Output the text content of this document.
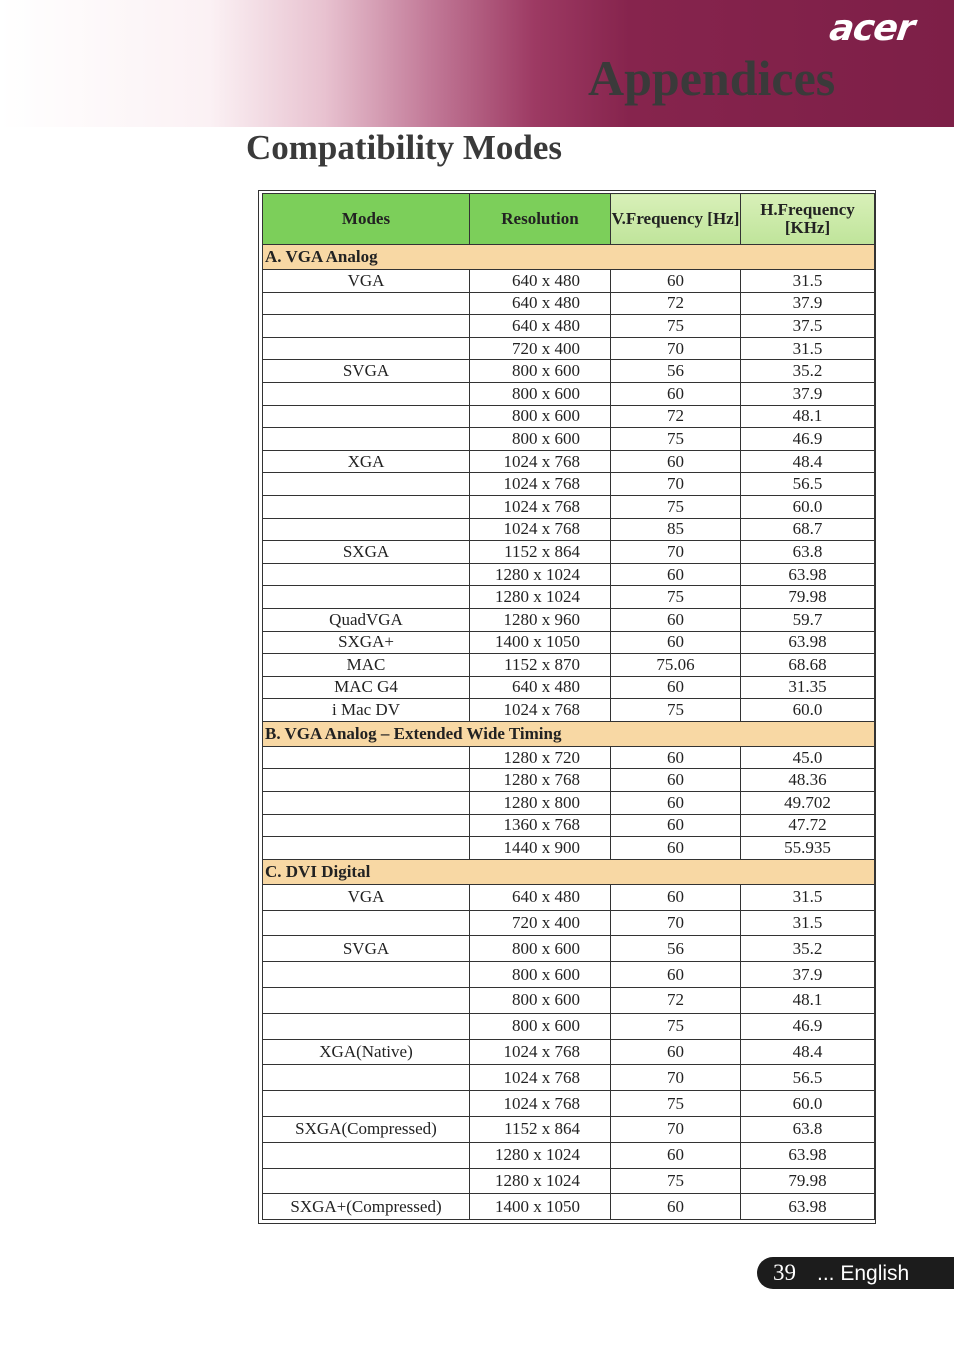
acer
Appendices
Compatibility Modes
Modes	Resolution	V.Frequency [Hz]	H.Frequency [KHz]
A. VGA Analog			
VGA	640 x 480	60	31.5
	640 x 480	72	37.9
	640 x 480	75	37.5
	720 x 400	70	31.5
SVGA	800 x 600	56	35.2
	800 x 600	60	37.9
	800 x 600	72	48.1
	800 x 600	75	46.9
XGA	1024 x 768	60	48.4
	1024 x 768	70	56.5
	1024 x 768	75	60.0
	1024 x 768	85	68.7
SXGA	1152 x 864	70	63.8
	1280 x 1024	60	63.98
	1280 x 1024	75	79.98
QuadVGA	1280 x 960	60	59.7
SXGA+	1400 x 1050	60	63.98
MAC	1152 x 870	75.06	68.68
MAC G4	640 x 480	60	31.35
i Mac DV	1024 x 768	75	60.0
B. VGA Analog – Extended Wide Timing			
	1280 x 720	60	45.0
	1280 x 768	60	48.36
	1280 x 800	60	49.702
	1360 x 768	60	47.72
	1440 x 900	60	55.935
C. DVI Digital			
VGA	640 x 480	60	31.5
	720 x 400	70	31.5
SVGA	800 x 600	56	35.2
	800 x 600	60	37.9
	800 x 600	72	48.1
	800 x 600	75	46.9
XGA(Native)	1024 x 768	60	48.4
	1024 x 768	70	56.5
	1024 x 768	75	60.0
SXGA(Compressed)	1152 x 864	70	63.8
	1280 x 1024	60	63.98
	1280 x 1024	75	79.98
SXGA+(Compressed)	1400 x 1050	60	63.98
39 ... English
